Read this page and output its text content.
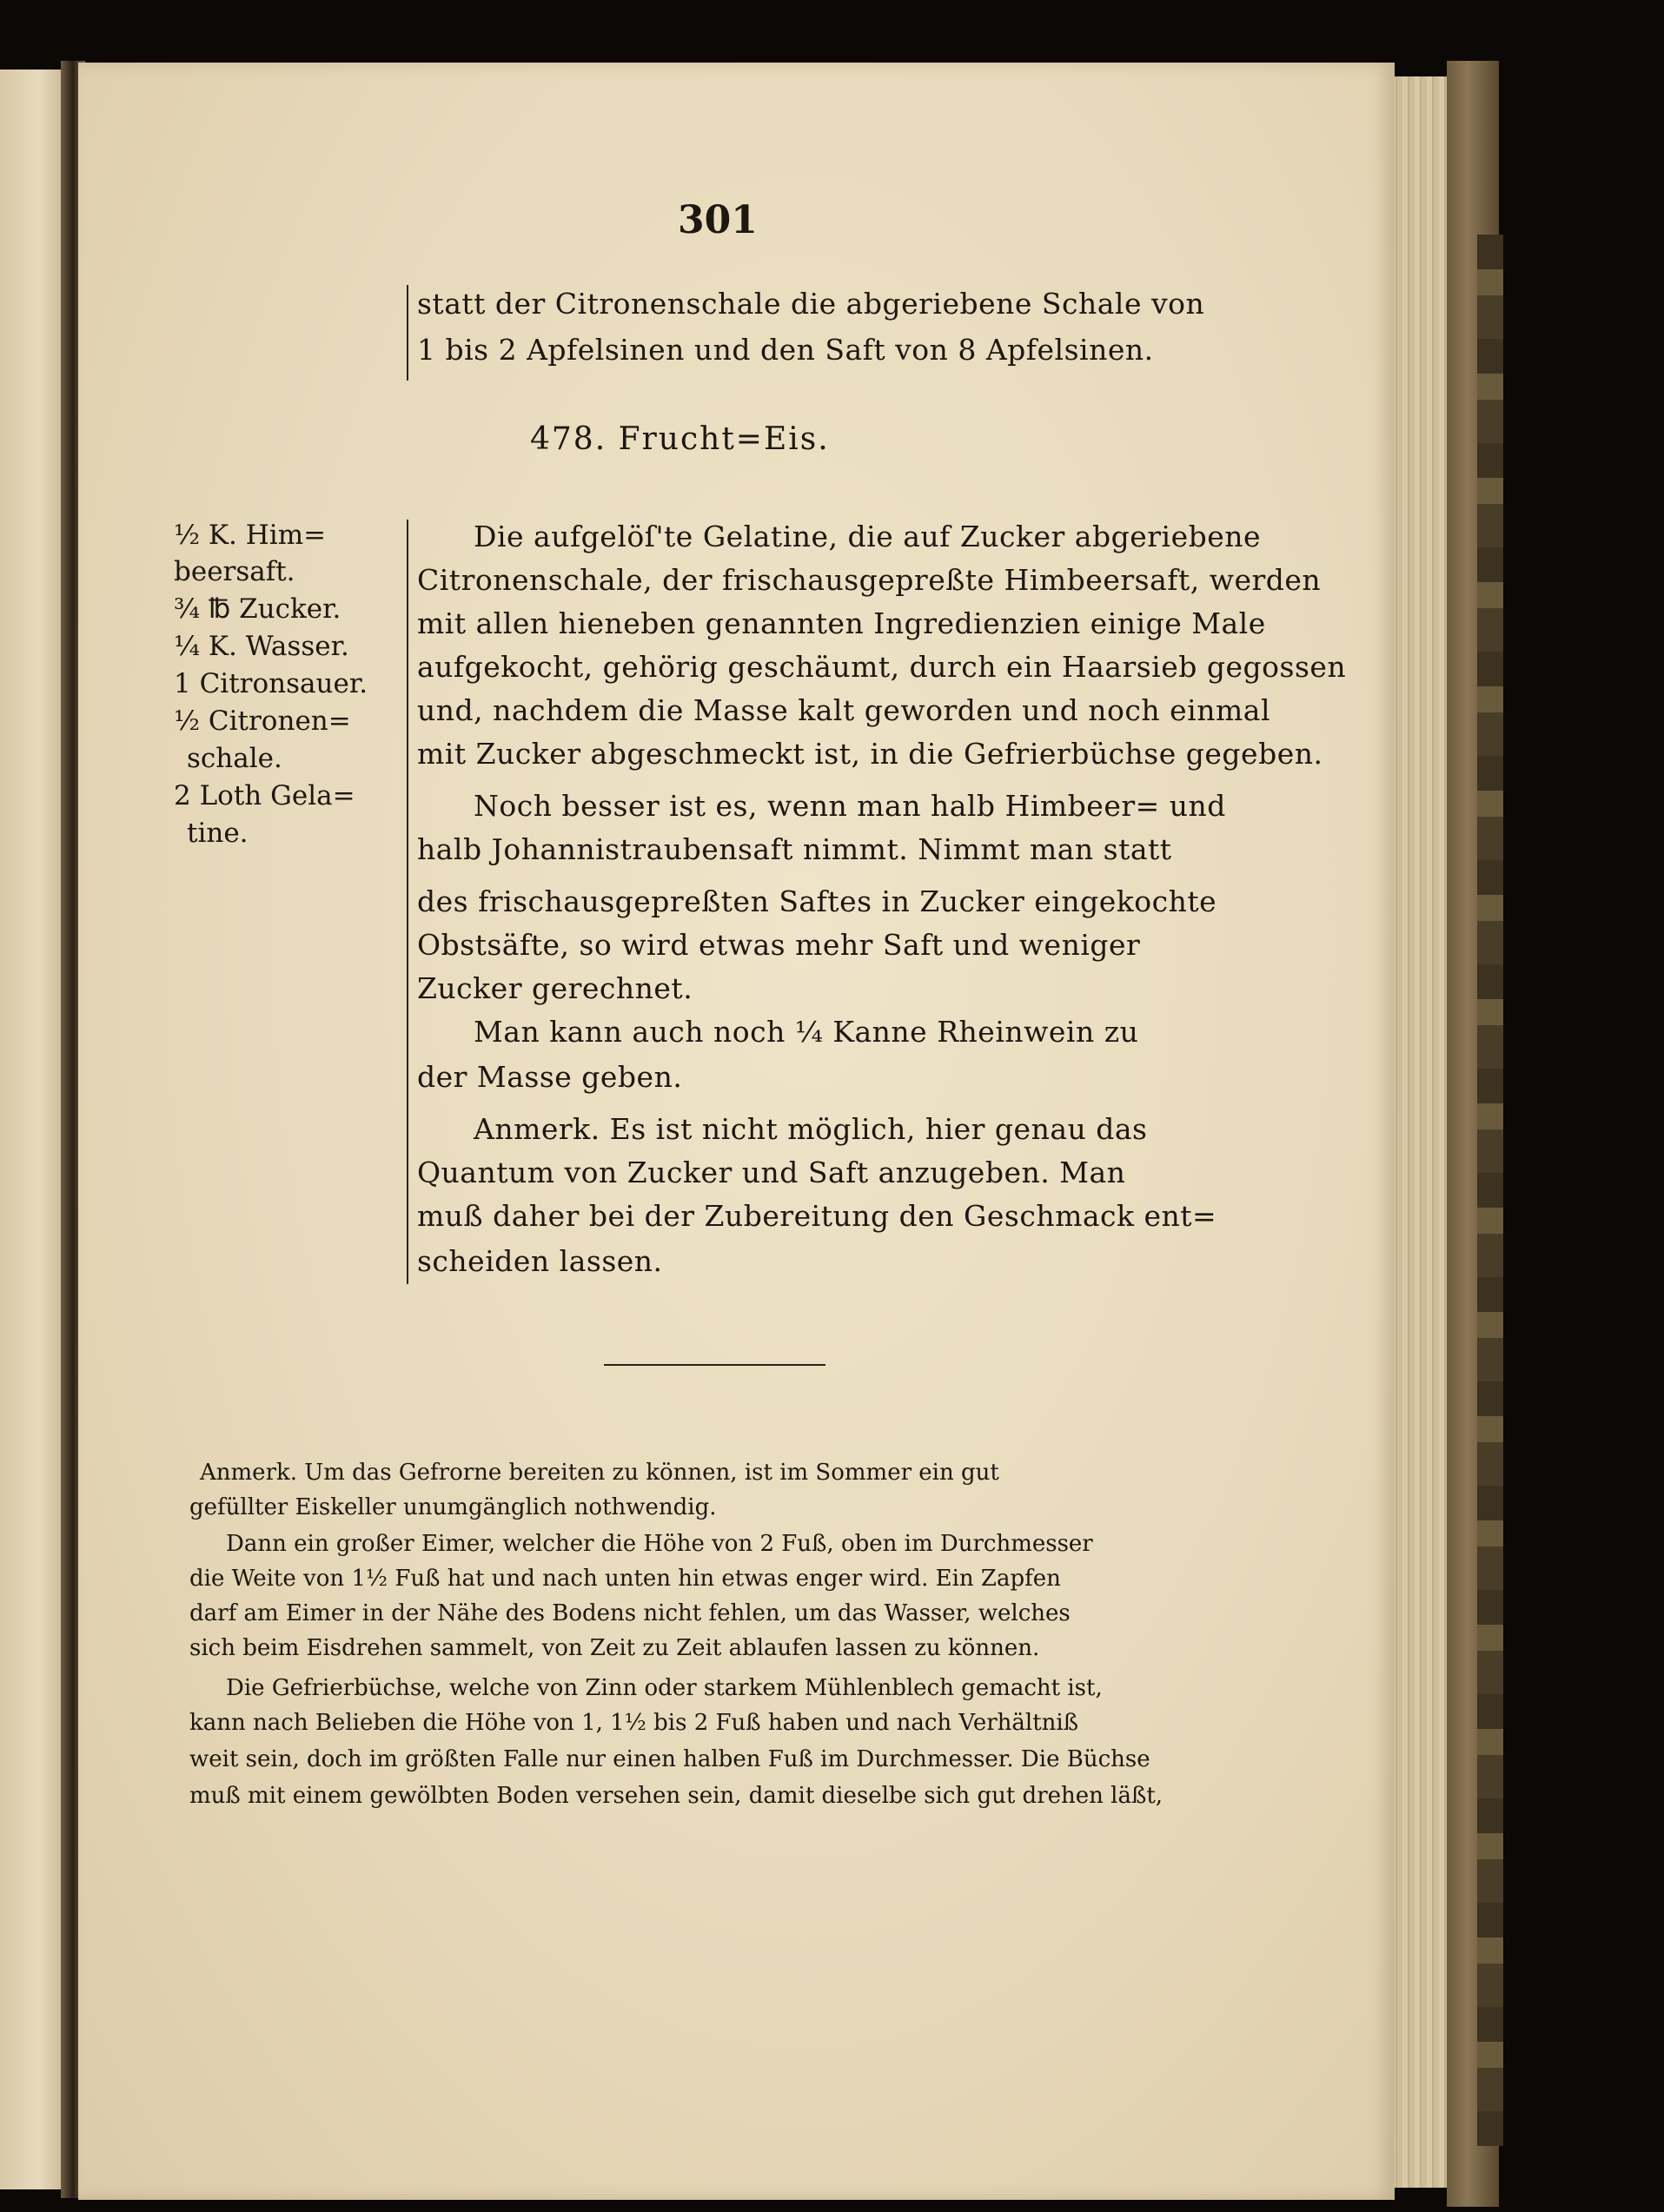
301
statt der Citronenschale die abgeriebene Schale von
1 bis 2 Apfelsinen und den Saft von 8 Apfelsinen.
478. Frucht=Eis.
½ K. Him=
beersaft.
¾ ℔ Zucker.
¼ K. Wasser.
1 Citronsauer.
½ Citronen=
schale.
2 Loth Gela=
tine.
Die aufgelöſ'te Gelatine, die auf Zucker abgeriebene
Citronenschale, der frischausgepreßte Himbeersaft, werden
mit allen hieneben genannten Ingredienzien einige Male
aufgekocht, gehörig geschäumt, durch ein Haarsieb gegossen
und, nachdem die Masse kalt geworden und noch einmal
mit Zucker abgeschmeckt ist, in die Gefrierbüchse gegeben.
Noch besser ist es, wenn man halb Himbeer= und
halb Johannistraubensaft nimmt. Nimmt man statt
des frischausgepreßten Saftes in Zucker eingekochte
Obstsäfte, so wird etwas mehr Saft und weniger
Zucker gerechnet.
Man kann auch noch ¼ Kanne Rheinwein zu
der Masse geben.
Anmerk. Es ist nicht möglich, hier genau das
Quantum von Zucker und Saft anzugeben. Man
muß daher bei der Zubereitung den Geschmack ent=
scheiden lassen.
Anmerk. Um das Gefrorne bereiten zu können, ist im Sommer ein gut
gefüllter Eiskeller unumgänglich nothwendig.
Dann ein großer Eimer, welcher die Höhe von 2 Fuß, oben im Durchmesser
die Weite von 1½ Fuß hat und nach unten hin etwas enger wird. Ein Zapfen
darf am Eimer in der Nähe des Bodens nicht fehlen, um das Wasser, welches
sich beim Eisdrehen sammelt, von Zeit zu Zeit ablaufen lassen zu können.
Die Gefrierbüchse, welche von Zinn oder starkem Mühlenblech gemacht ist,
kann nach Belieben die Höhe von 1, 1½ bis 2 Fuß haben und nach Verhältniß
weit sein, doch im größten Falle nur einen halben Fuß im Durchmesser. Die Büchse
muß mit einem gewölbten Boden versehen sein, damit dieselbe sich gut drehen läßt,
